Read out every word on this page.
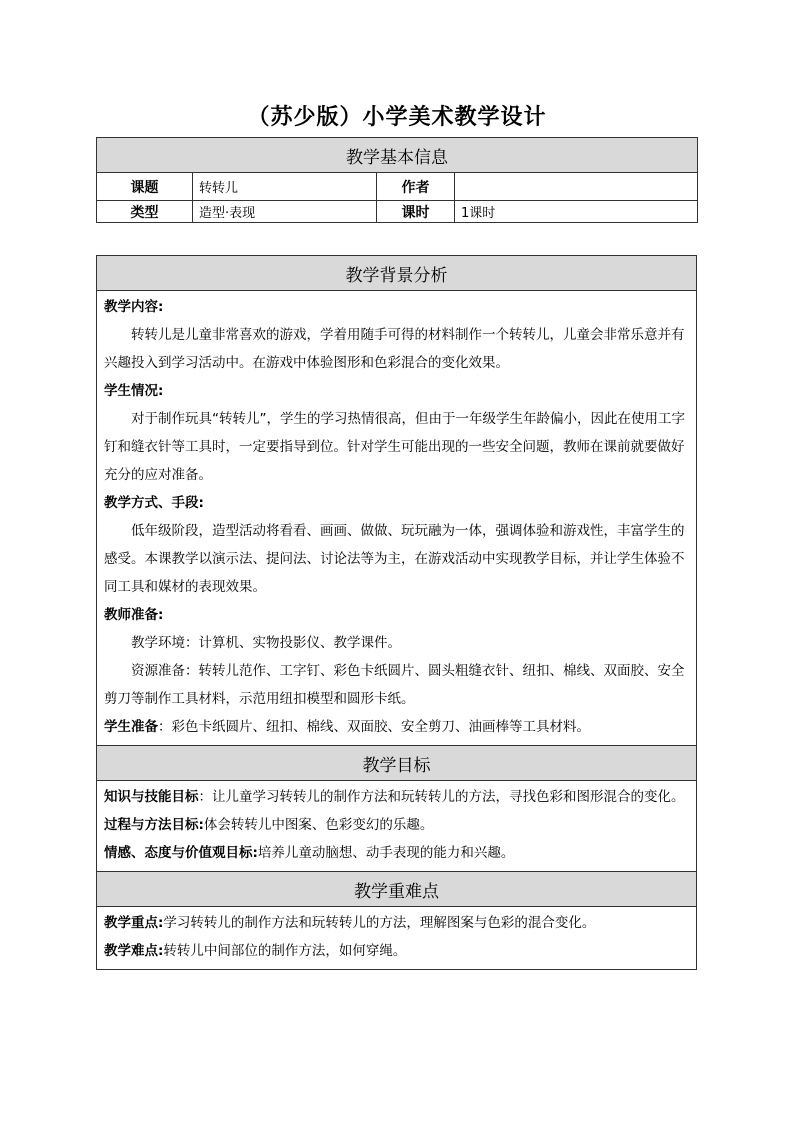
（苏少版）小学美术教学设计
教学基本信息			
课题	转转儿	作者	
类型	造型·表现	课时	1课时
教学背景分析

教学内容:

转转儿是儿童非常喜欢的游戏，学着用随手可得的材料制作一个转转儿，儿童会非常乐意并有兴趣投入到学习活动中。在游戏中体验图形和色彩混合的变化效果。

学生情况:

对于制作玩具“转转儿”，学生的学习热情很高，但由于一年级学生年龄偏小，因此在使用工字钉和缝衣针等工具时，一定要指导到位。针对学生可能出现的一些安全问题，教师在课前就要做好充分的应对准备。

教学方式、手段:

低年级阶段，造型活动将看看、画画、做做、玩玩融为一体，强调体验和游戏性，丰富学生的感受。本课教学以演示法、提问法、讨论法等为主，在游戏活动中实现教学目标，并让学生体验不同工具和媒材的表现效果。

教师准备:

教学环境：计算机、实物投影仪、教学课件。

资源准备：转转儿范作、工字钉、彩色卡纸圆片、圆头粗缝衣针、纽扣、棉线、双面胶、安全剪刀等制作工具材料，示范用纽扣模型和圆形卡纸。

学生准备：彩色卡纸圆片、纽扣、棉线、双面胶、安全剪刀、油画棒等工具材料。

教学目标

知识与技能目标：让儿童学习转转儿的制作方法和玩转转儿的方法，寻找色彩和图形混合的变化。

过程与方法目标:体会转转儿中图案、色彩变幻的乐趣。

情感、态度与价值观目标:培养儿童动脑想、动手表现的能力和兴趣。

教学重难点

教学重点:学习转转儿的制作方法和玩转转儿的方法，理解图案与色彩的混合变化。

教学难点:转转儿中间部位的制作方法，如何穿绳。
